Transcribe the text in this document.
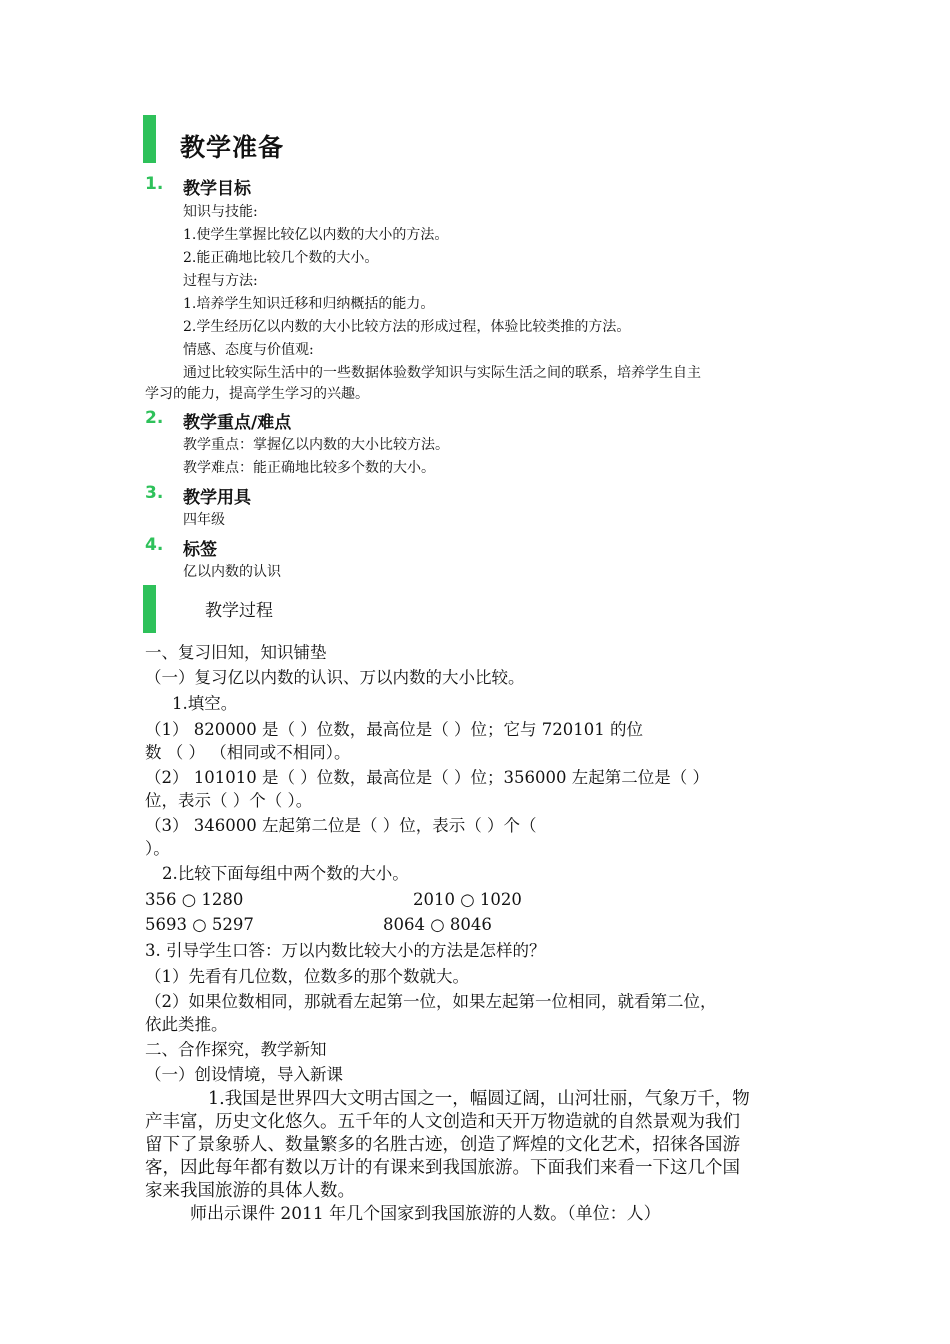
教学准备
1. 教学目标
知识与技能:
1.使学生掌握比较亿以内数的大小的方法。
2.能正确地比较几个数的大小。
过程与方法:
1.培养学生知识迁移和归纳概括的能力。
2.学生经历亿以内数的大小比较方法的形成过程，体验比较类推的方法。
情感、态度与价值观:
通过比较实际生活中的一些数据体验数学知识与实际生活之间的联系，培养学生自主
学习的能力，提高学生学习的兴趣。
2. 教学重点/难点
教学重点：掌握亿以内数的大小比较方法。
教学难点：能正确地比较多个数的大小。
3. 教学用具
四年级
4. 标签
亿以内数的认识
教学过程
一、复习旧知，知识铺垫
（一）复习亿以内数的认识、万以内数的大小比较。
1.填空。
（1） 820000 是（ ）位数，最高位是（ ）位；它与 720101 的位
数 （ ） （相同或不相同）。
（2） 101010 是（ ）位数，最高位是（ ）位；356000 左起第二位是（ ）
位，表示（ ）个（ ）。
（3） 346000 左起第二位是（ ）位，表示（ ）个（
）。
2.比较下面每组中两个数的大小。
356 ○ 1280	2010 ○ 1020
5693 ○ 5297	8064 ○ 8046
3. 引导学生口答：万以内数比较大小的方法是怎样的？
（1）先看有几位数，位数多的那个数就大。
（2）如果位数相同，那就看左起第一位，如果左起第一位相同，就看第二位，
依此类推。
二、合作探究，教学新知
（一）创设情境，导入新课
1.我国是世界四大文明古国之一，幅圆辽阔，山河壮丽，气象万千，物
产丰富，历史文化悠久。五千年的人文创造和天开万物造就的自然景观为我们
留下了景象骄人、数量繁多的名胜古迹，创造了辉煌的文化艺术，招徕各国游
客，因此每年都有数以万计的有课来到我国旅游。下面我们来看一下这几个国
家来我国旅游的具体人数。
师出示课件 2011 年几个国家到我国旅游的人数。（单位：人）
